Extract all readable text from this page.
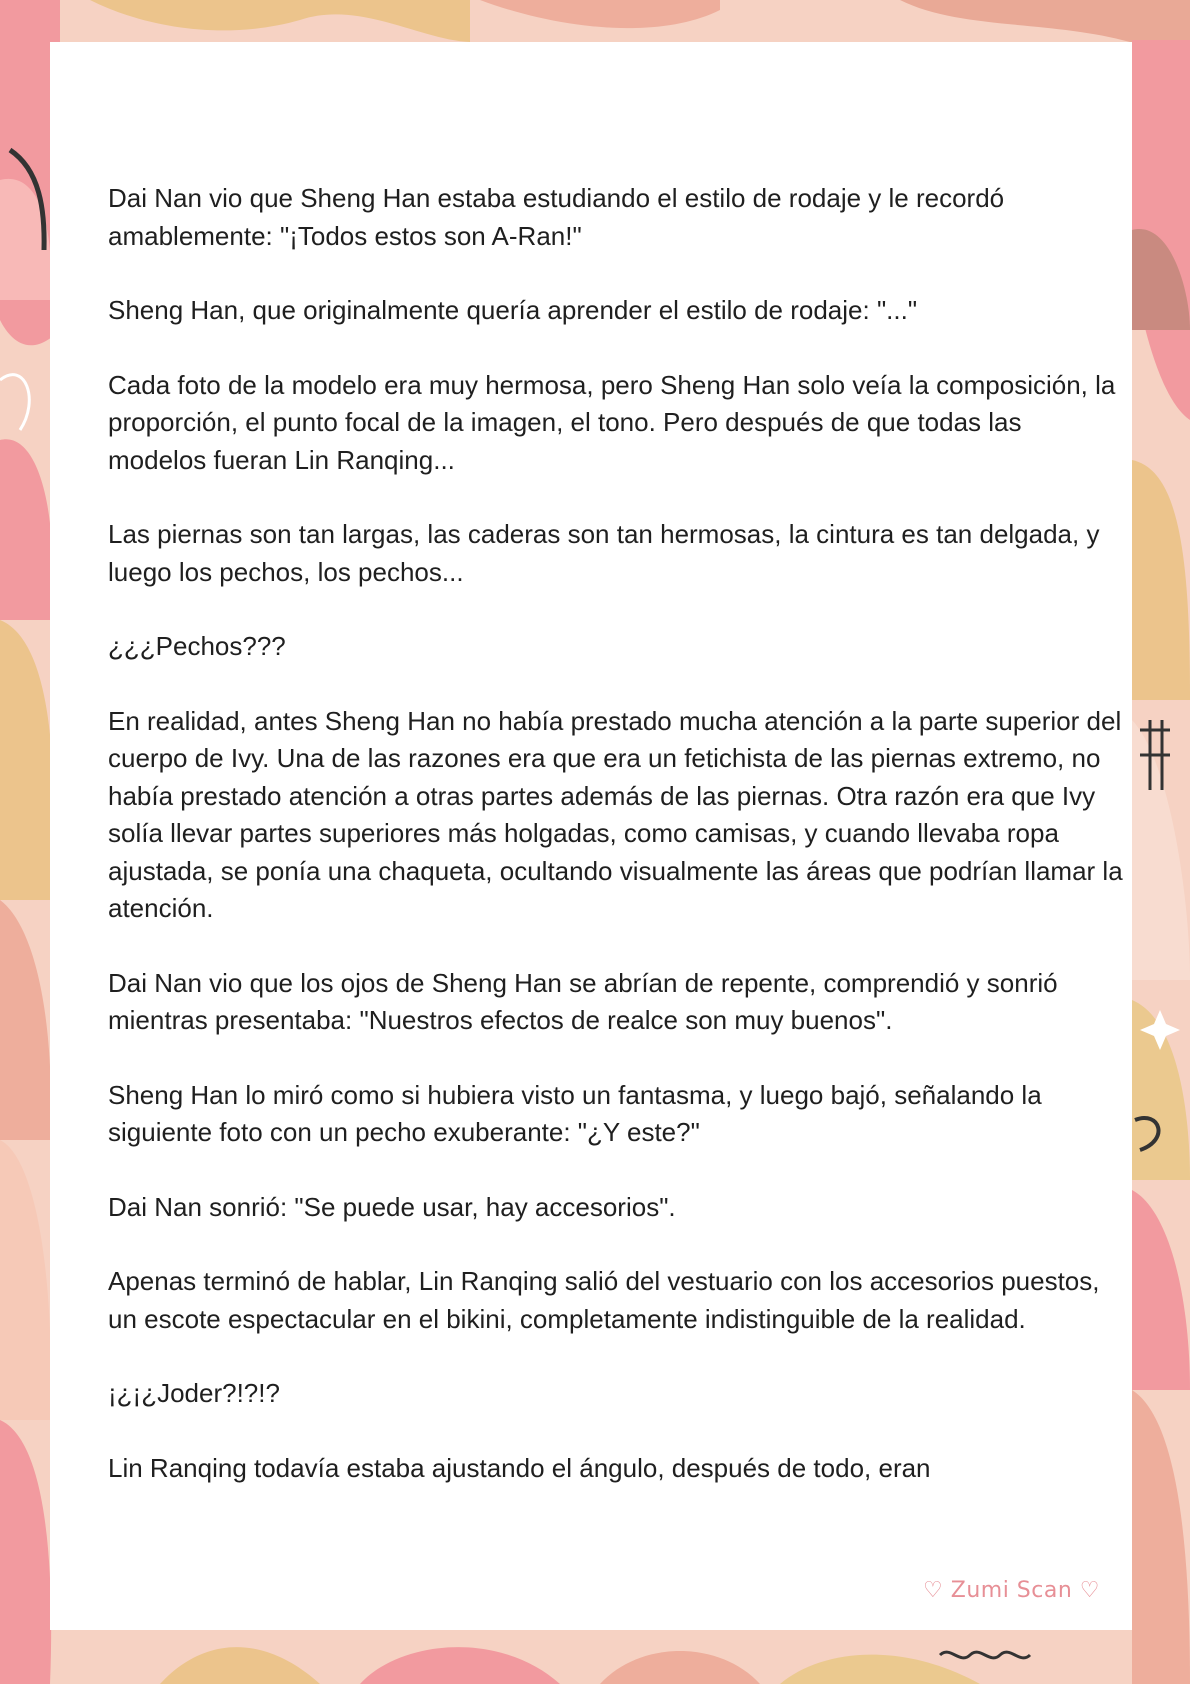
Dai Nan vio que Sheng Han estaba estudiando el estilo de rodaje y le recordó amablemente: "¡Todos estos son A-Ran!"

Sheng Han, que originalmente quería aprender el estilo de rodaje: "..."

Cada foto de la modelo era muy hermosa, pero Sheng Han solo veía la composición, la proporción, el punto focal de la imagen, el tono. Pero después de que todas las modelos fueran Lin Ranqing...

Las piernas son tan largas, las caderas son tan hermosas, la cintura es tan delgada, y luego los pechos, los pechos...

¿¿¿Pechos???

En realidad, antes Sheng Han no había prestado mucha atención a la parte superior del cuerpo de Ivy. Una de las razones era que era un fetichista de las piernas extremo, no había prestado atención a otras partes además de las piernas. Otra razón era que Ivy solía llevar partes superiores más holgadas, como camisas, y cuando llevaba ropa ajustada, se ponía una chaqueta, ocultando visualmente las áreas que podrían llamar la atención.

Dai Nan vio que los ojos de Sheng Han se abrían de repente, comprendió y sonrió mientras presentaba: "Nuestros efectos de realce son muy buenos".

Sheng Han lo miró como si hubiera visto un fantasma, y luego bajó, señalando la siguiente foto con un pecho exuberante: "¿Y este?"

Dai Nan sonrió: "Se puede usar, hay accesorios".

Apenas terminó de hablar, Lin Ranqing salió del vestuario con los accesorios puestos, un escote espectacular en el bikini, completamente indistinguible de la realidad.

¡¿¡¿Joder?!?!?

Lin Ranqing todavía estaba ajustando el ángulo, después de todo, eran

♡ Zumi Scan ♡
